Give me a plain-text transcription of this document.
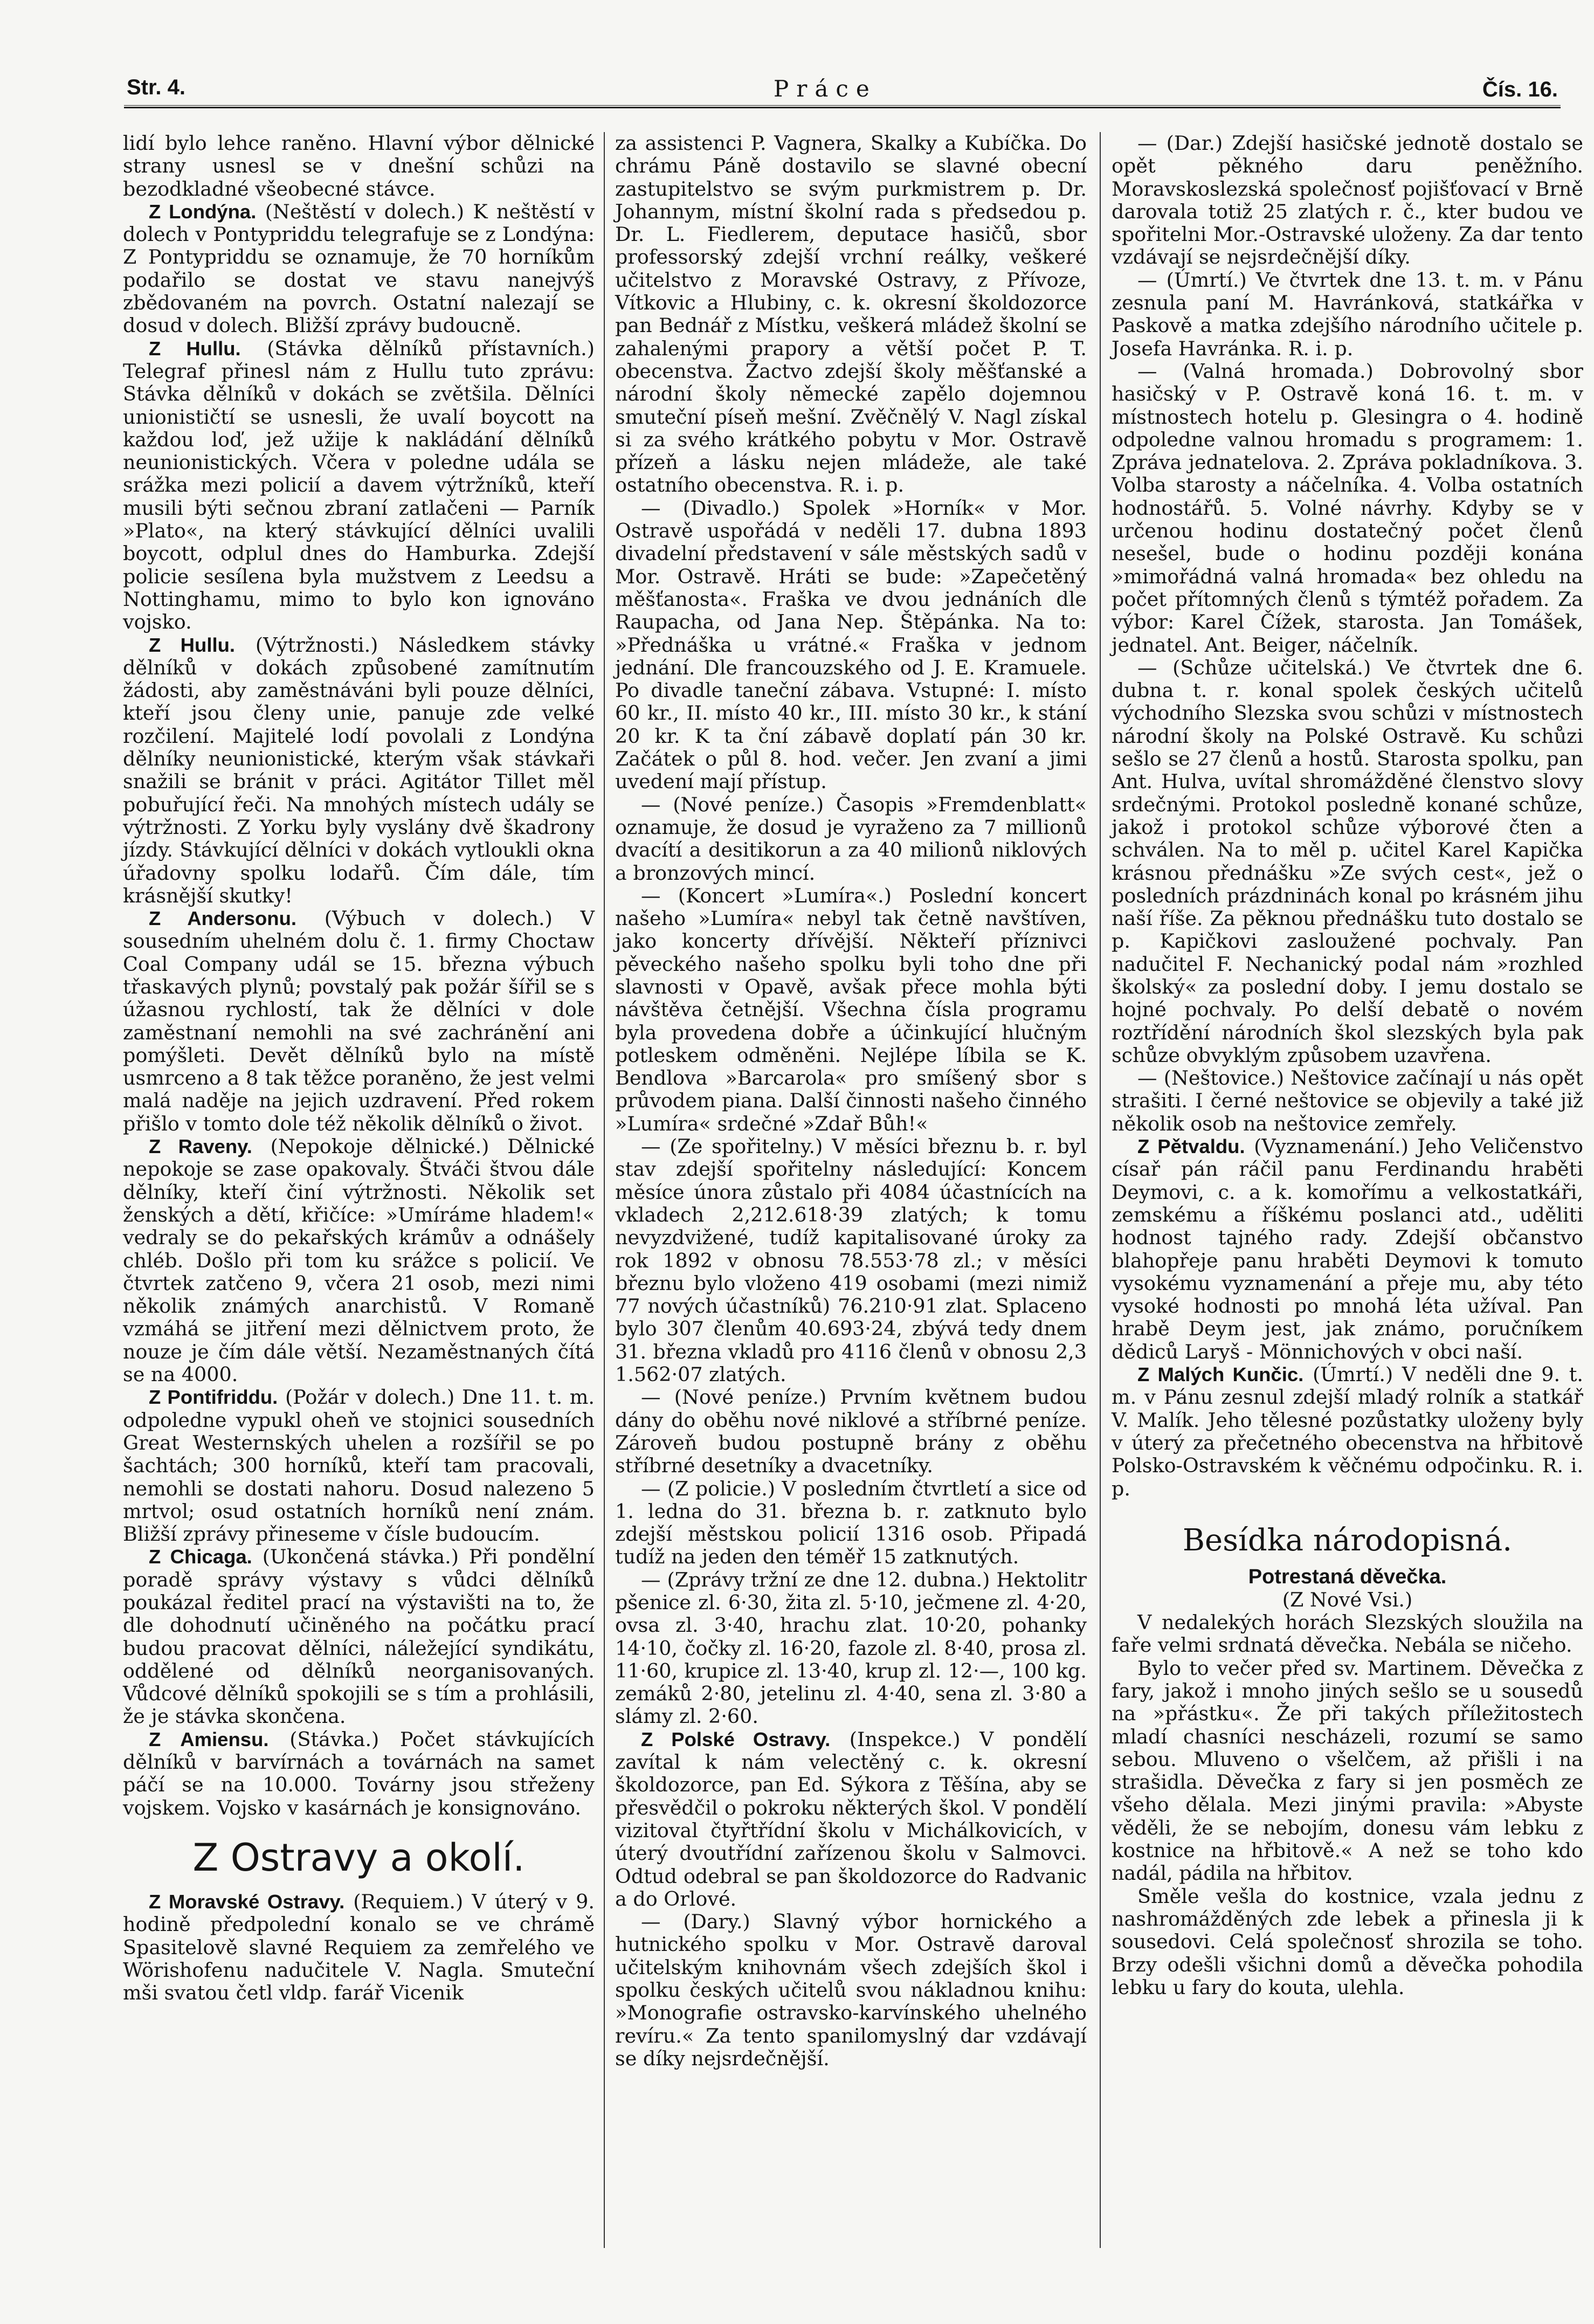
Str. 4.	Práce	Čís. 16.

lidí bylo lehce raněno. Hlavní výbor dělnické strany usnesl se v dnešní schůzi na bezodkladné všeobecné stávce.

Z Londýna. (Neštěstí v dolech.) K neštěstí v dolech v Pontypriddu telegrafuje se z Londýna: Z Pontypriddu se oznamuje, že 70 horníkům podařilo se dostat ve stavu nanejvýš zbědovaném na povrch. Ostatní nalezají se dosud v dolech. Bližší zprávy budoucně.

Z Hullu. (Stávka dělníků přístavních.) Telegraf přinesl nám z Hullu tuto zprávu: Stávka dělníků v dokách se zvětšila. Dělníci unionističtí se usnesli, že uvalí boycott na každou loď, jež užije k nakládání dělníků neunionistických. Včera v poledne udála se srážka mezi policií a davem výtržníků, kteří musili býti sečnou zbraní zatlačeni — Parník »Plato«, na který stávkující dělníci uvalili boycott, odplul dnes do Hamburka. Zdejší policie sesílena byla mužstvem z Leedsu a Nottinghamu, mimo to bylo kon ignováno vojsko.

Z Hullu. (Výtržnosti.) Následkem stávky dělníků v dokách způsobené zamítnutím žádosti, aby zaměstnáváni byli pouze dělníci, kteří jsou členy unie, panuje zde velké rozčilení. Majitelé lodí povolali z Londýna dělníky neunionistické, kterým však stávkaři snažili se bránit v práci. Agitátor Tillet měl pobuřující řeči. Na mnohých místech udály se výtržnosti. Z Yorku byly vyslány dvě škadrony jízdy. Stávkující dělníci v dokách vytloukli okna úřadovny spolku lodařů. Čím dále, tím krásnější skutky!

Z Andersonu. (Výbuch v dolech.) V sousedním uhelném dolu č. 1. firmy Choctaw Coal Company udál se 15. března výbuch třaskavých plynů; povstalý pak požár šířil se s úžasnou rychlostí, tak že dělníci v dole zaměstnaní nemohli na své zachránění ani pomýšleti. Devět dělníků bylo na místě usmrceno a 8 tak těžce poraněno, že jest velmi malá naděje na jejich uzdravení. Před rokem přišlo v tomto dole též několik dělníků o život.

Z Raveny. (Nepokoje dělnické.) Dělnické nepokoje se zase opakovaly. Štváči štvou dále dělníky, kteří činí výtržnosti. Několik set ženských a dětí, křičíce: »Umíráme hladem!« vedraly se do pekařských krámův a odnášely chléb. Došlo při tom ku srážce s policií. Ve čtvrtek zatčeno 9, včera 21 osob, mezi nimi několik známých anarchistů. V Romaně vzmáhá se jitření mezi dělnictvem proto, že nouze je čím dále větší. Nezaměstnaných čítá se na 4000.

Z Pontifriddu. (Požár v dolech.) Dne 11. t. m. odpoledne vypukl oheň ve stojnici sousedních Great Westernských uhelen a rozšířil se po šachtách; 300 horníků, kteří tam pracovali, nemohli se dostati nahoru. Dosud nalezeno 5 mrtvol; osud ostatních horníků není znám. Bližší zprávy přineseme v čísle budoucím.

Z Chicaga. (Ukončená stávka.) Při pondělní poradě správy výstavy s vůdci dělníků poukázal ředitel prací na výstavišti na to, že dle dohodnutí učiněného na počátku prací budou pracovat dělníci, náležející syndikátu, oddělené od dělníků neorganisovaných. Vůdcové dělníků spokojili se s tím a prohlásili, že je stávka skončena.

Z Amiensu. (Stávka.) Počet stávkujících dělníků v barvírnách a továrnách na samet páčí se na 10.000. Továrny jsou střeženy vojskem. Vojsko v kasárnách je konsignováno.

Z Ostravy a okolí.

Z Moravské Ostravy. (Requiem.) V úterý v 9. hodině předpolední konalo se ve chrámě Spasitelově slavné Requiem za zemřelého ve Wörishofenu nadučitele V. Nagla. Smuteční mši svatou četl vldp. farář Vicenik

za assistenci P. Vagnera, Skalky a Kubíčka. Do chrámu Páně dostavilo se slavné obecní zastupitelstvo se svým purkmistrem p. Dr. Johannym, místní školní rada s předsedou p. Dr. L. Fiedlerem, deputace hasičů, sbor professorský zdejší vrchní reálky, veškeré učitelstvo z Moravské Ostravy, z Přívoze, Vítkovic a Hlubiny, c. k. okresní školdozorce pan Bednář z Místku, veškerá mládež školní se zahalenými prapory a větší počet P. T. obecenstva. Žactvo zdejší školy měšťanské a národní školy německé zapělo dojemnou smuteční píseň mešní. Zvěčnělý V. Nagl získal si za svého krátkého pobytu v Mor. Ostravě přízeň a lásku nejen mládeže, ale také ostatního obecenstva. R. i. p.

— (Divadlo.) Spolek »Horník« v Mor. Ostravě uspořádá v neděli 17. dubna 1893 divadelní představení v sále městských sadů v Mor. Ostravě. Hráti se bude: »Zapečetěný měšťanosta«. Fraška ve dvou jednáních dle Raupacha, od Jana Nep. Štěpánka. Na to: »Přednáška u vrátné.« Fraška v jednom jednání. Dle francouzského od J. E. Kramuele. Po divadle taneční zábava. Vstupné: I. místo 60 kr., II. místo 40 kr., III. místo 30 kr., k stání 20 kr. K ta ční zábavě doplatí pán 30 kr. Začátek o půl 8. hod. večer. Jen zvaní a jimi uvedení mají přístup.

— (Nové peníze.) Časopis »Fremdenblatt« oznamuje, že dosud je vyraženo za 7 millionů dvacítí a desitikorun a za 40 milionů niklových a bronzových mincí.

— (Koncert »Lumíra«.) Poslední koncert našeho »Lumíra« nebyl tak četně navštíven, jako koncerty dřívější. Někteří příznivci pěveckého našeho spolku byli toho dne při slavnosti v Opavě, avšak přece mohla býti návštěva četnější. Všechna čísla programu byla provedena dobře a účinkující hlučným potleskem odměněni. Nejlépe líbila se K. Bendlova »Barcarola« pro smíšený sbor s průvodem piana. Další činnosti našeho činného »Lumíra« srdečné »Zdař Bůh!«

— (Ze spořitelny.) V měsíci březnu b. r. byl stav zdejší spořitelny následující: Koncem měsíce února zůstalo při 4084 účastnících na vkladech 2,212.618·39 zlatých; k tomu nevyzdvižené, tudíž kapitalisované úroky za rok 1892 v obnosu 78.553·78 zl.; v měsíci březnu bylo vloženo 419 osobami (mezi nimiž 77 nových účastníků) 76.210·91 zlat. Splaceno bylo 307 členům 40.693·24, zbývá tedy dnem 31. března vkladů pro 4116 členů v obnosu 2,3 1.562·07 zlatých.

— (Nové peníze.) Prvním květnem budou dány do oběhu nové niklové a stříbrné peníze. Zároveň budou postupně brány z oběhu stříbrné desetníky a dvacetníky.

— (Z policie.) V posledním čtvrtletí a sice od 1. ledna do 31. března b. r. zatknuto bylo zdejší městskou policií 1316 osob. Připadá tudíž na jeden den téměř 15 zatknutých.

— (Zprávy tržní ze dne 12. dubna.) Hektolitr pšenice zl. 6·30, žita zl. 5·10, ječmene zl. 4·20, ovsa zl. 3·40, hrachu zlat. 10·20, pohanky 14·10, čočky zl. 16·20, fazole zl. 8·40, prosa zl. 11·60, krupice zl. 13·40, krup zl. 12·—, 100 kg. zemáků 2·80, jetelinu zl. 4·40, sena zl. 3·80 a slámy zl. 2·60.

Z Polské Ostravy. (Inspekce.) V pondělí zavítal k nám velectěný c. k. okresní školdozorce, pan Ed. Sýkora z Těšína, aby se přesvědčil o pokroku některých škol. V pondělí vizitoval čtyřtřídní školu v Michálkovicích, v úterý dvoutřídní zařízenou školu v Salmovci. Odtud odebral se pan školdozorce do Radvanic a do Orlové.

— (Dary.) Slavný výbor hornického a hutnického spolku v Mor. Ostravě daroval učitelským knihovnám všech zdejších škol i spolku českých učitelů svou nákladnou knihu: »Monografie ostravsko-karvínského uhelného revíru.« Za tento spanilomyslný dar vzdávají se díky nejsrdečnější.

— (Dar.) Zdejší hasičské jednotě dostalo se opět pěkného daru peněžního. Moravskoslezská společnosť pojišťovací v Brně darovala totiž 25 zlatých r. č., kter budou ve spořitelni Mor.-Ostravské uloženy. Za dar tento vzdávají se nejsrdečnější díky.

— (Úmrtí.) Ve čtvrtek dne 13. t. m. v Pánu zesnula paní M. Havránková, statkářka v Paskově a matka zdejšího národního učitele p. Josefa Havránka. R. i. p.

— (Valná hromada.) Dobrovolný sbor hasičský v P. Ostravě koná 16. t. m. v místnostech hotelu p. Glesingra o 4. hodině odpoledne valnou hromadu s programem: 1. Zpráva jednatelova. 2. Zpráva pokladníkova. 3. Volba starosty a náčelníka. 4. Volba ostatních hodnostářů. 5. Volné návrhy. Kdyby se v určenou hodinu dostatečný počet členů nesešel, bude o hodinu později konána »mimořádná valná hromada« bez ohledu na počet přítomných členů s týmtéž pořadem. Za výbor: Karel Čížek, starosta. Jan Tomášek, jednatel. Ant. Beiger, náčelník.

— (Schůze učitelská.) Ve čtvrtek dne 6. dubna t. r. konal spolek českých učitelů východního Slezska svou schůzi v místnostech národní školy na Polské Ostravě. Ku schůzi sešlo se 27 členů a hostů. Starosta spolku, pan Ant. Hulva, uvítal shromážděné členstvo slovy srdečnými. Protokol posledně konané schůze, jakož i protokol schůze výborové čten a schválen. Na to měl p. učitel Karel Kapička krásnou přednášku »Ze svých cest«, jež o posledních prázdninách konal po krásném jihu naší říše. Za pěknou přednášku tuto dostalo se p. Kapičkovi zasloužené pochvaly. Pan nadučitel F. Nechanický podal nám »rozhled školský« za poslední doby. I jemu dostalo se hojné pochvaly. Po delší debatě o novém roztřídění národních škol slezských byla pak schůze obvyklým způsobem uzavřena.

— (Neštovice.) Neštovice začínají u nás opět strašiti. I černé neštovice se objevily a také již několik osob na neštovice zemřely.

Z Pětvaldu. (Vyznamenání.) Jeho Veličenstvo císař pán ráčil panu Ferdinandu hraběti Deymovi, c. a k. komořímu a velkostatkáři, zemskému a říškému poslanci atd., uděliti hodnost tajného rady. Zdejší občanstvo blahopřeje panu hraběti Deymovi k tomuto vysokému vyznamenání a přeje mu, aby této vysoké hodnosti po mnohá léta užíval. Pan hrabě Deym jest, jak známo, poručníkem dědiců Laryš - Mönnichových v obci naší.

Z Malých Kunčic. (Úmrtí.) V neděli dne 9. t. m. v Pánu zesnul zdejší mladý rolník a statkář V. Malík. Jeho tělesné pozůstatky uloženy byly v úterý za přečetného obecenstva na hřbitově Polsko-Ostravském k věčnému odpočinku. R. i. p.

Besídka národopisná.
Potrestaná děvečka.

(Z Nové Vsi.)

V nedalekých horách Slezských sloužila na faře velmi srdnatá děvečka. Nebála se ničeho.

Bylo to večer před sv. Martinem. Děvečka z fary, jakož i mnoho jiných sešlo se u sousedů na »přástku«. Že při takých příležitostech mladí chasníci nescházeli, rozumí se samo sebou. Mluveno o všelčem, až přišli i na strašidla. Děvečka z fary si jen posměch ze všeho dělala. Mezi jinými pravila: »Abyste věděli, že se nebojím, donesu vám lebku z kostnice na hřbitově.« A než se toho kdo nadál, pádila na hřbitov.

Směle vešla do kostnice, vzala jednu z nashromážděných zde lebek a přinesla ji k sousedovi. Celá společnosť shrozila se toho. Brzy odešli všichni domů a děvečka pohodila lebku u fary do kouta, ulehla.
